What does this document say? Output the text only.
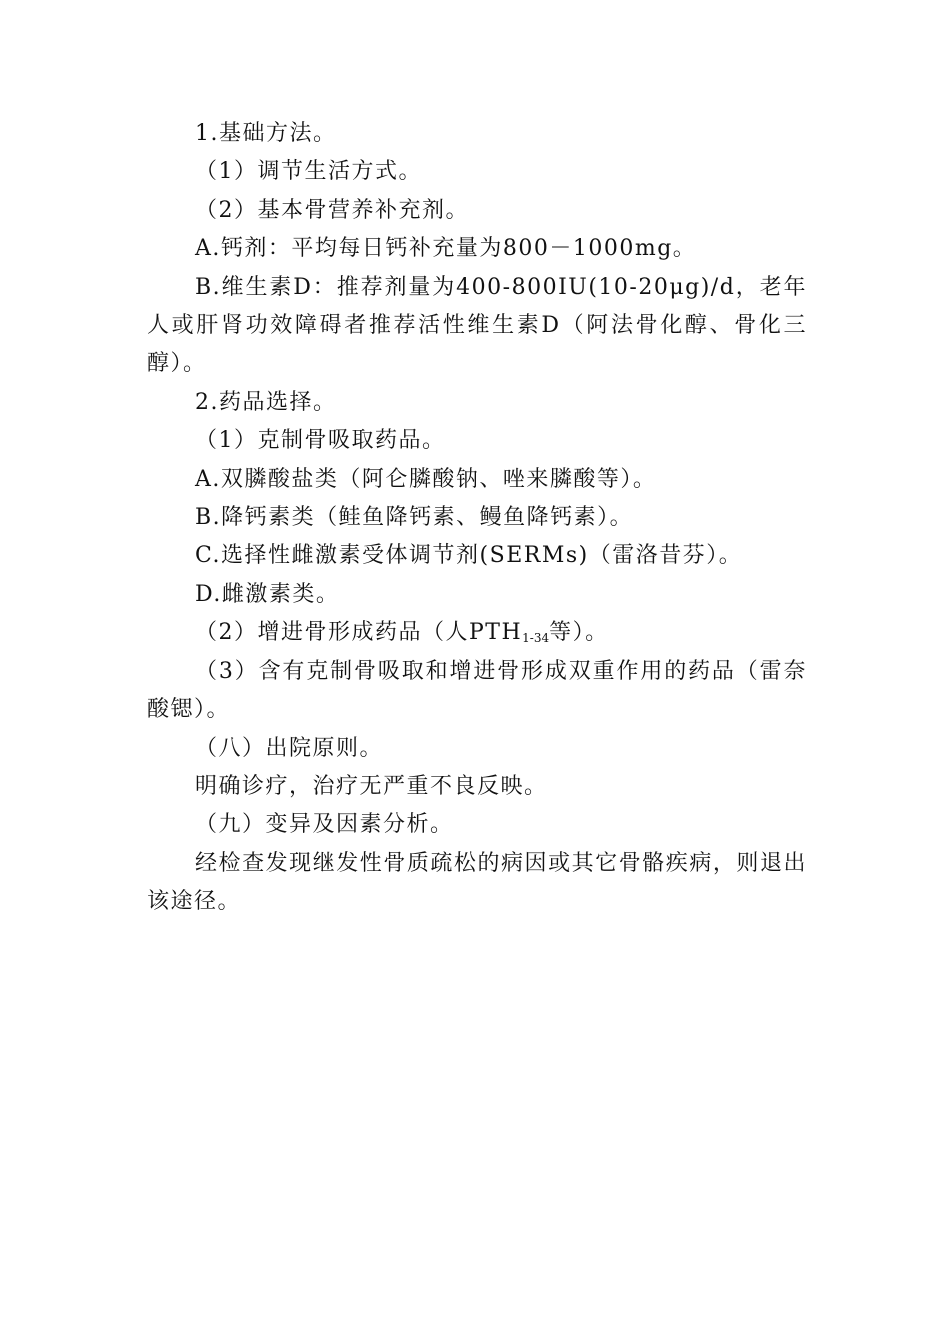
1.基础方法。

（1）调节生活方式。

（2）基本骨营养补充剂。

A.钙剂：平均每日钙补充量为800－1000mg。

B.维生素D：推荐剂量为400-800IU(10-20μg)/d，老年人或肝肾功效障碍者推荐活性维生素D（阿法骨化醇、骨化三醇）。

2.药品选择。

（1）克制骨吸取药品。

A.双膦酸盐类（阿仑膦酸钠、唑来膦酸等）。

B.降钙素类（鲑鱼降钙素、鳗鱼降钙素）。

C.选择性雌激素受体调节剂(SERMs)（雷洛昔芬）。

D.雌激素类。

（2）增进骨形成药品（人$PTH_{1-34}$等）。

（3）含有克制骨吸取和增进骨形成双重作用的药品（雷奈酸锶）。

（八）出院原则。

明确诊疗，治疗无严重不良反映。

（九）变异及因素分析。

经检查发现继发性骨质疏松的病因或其它骨骼疾病，则退出该途径。
